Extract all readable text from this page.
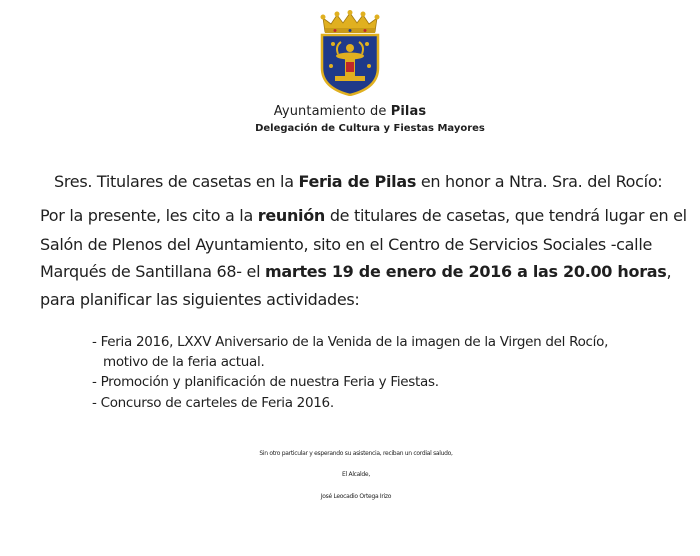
Ayuntamiento de Pilas
Delegación de Cultura y Fiestas Mayores
Sres. Titulares de casetas en la Feria de Pilas en honor a Ntra. Sra. del Rocío:
Por la presente, les cito a la reunión de titulares de casetas, que tendrá lugar en el
Salón de Plenos del Ayuntamiento, sito en el Centro de Servicios Sociales -calle
Marqués de Santillana 68- el martes 19 de enero de 2016 a las 20.00 horas,
para planificar las siguientes actividades:
- Feria 2016, LXXV Aniversario de la Venida de la imagen de la Virgen del Rocío,
motivo de la feria actual.
- Promoción y planificación de nuestra Feria y Fiestas.
- Concurso de carteles de Feria 2016.
Sin otro particular y esperando su asistencia, reciban un cordial saludo,
El Alcalde,
José Leocadio Ortega Irizo
